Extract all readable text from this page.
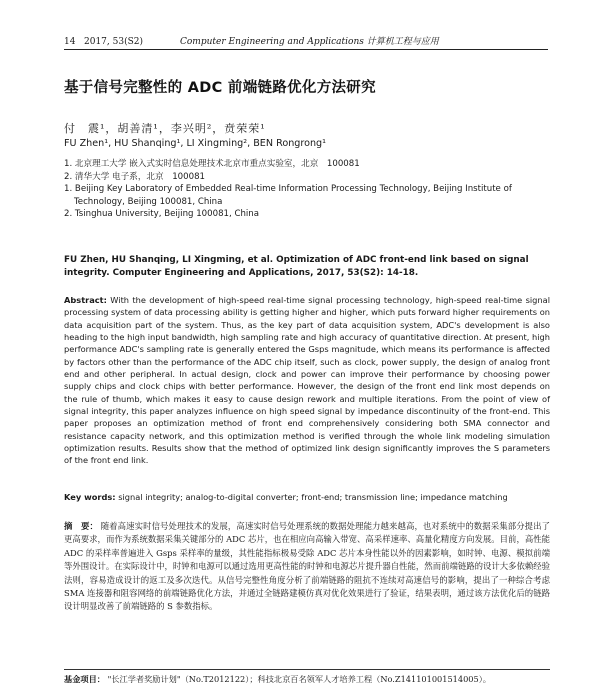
14 2017, 53(S2)	Computer Engineering and Applications 计算机工程与应用
基于信号完整性的 ADC 前端链路优化方法研究
付　震¹，胡善清¹，李兴明²，贲荣荣¹
FU Zhen¹, HU Shanqing¹, LI Xingming², BEN Rongrong¹
1. 北京理工大学 嵌入式实时信息处理技术北京市重点实验室，北京　100081
2. 清华大学 电子系，北京　100081
1. Beijing Key Laboratory of Embedded Real-time Information Processing Technology, Beijing Institute of
Technology, Beijing 100081, China
2. Tsinghua University, Beijing 100081, China
FU Zhen, HU Shanqing, LI Xingming, et al. Optimization of ADC front-end link based on signal integrity. Computer Engineering and Applications, 2017, 53(S2): 14-18.

Abstract: With the development of high-speed real-time signal processing technology, high-speed real-time signal processing system of data processing ability is getting higher and higher, which puts forward higher requirements on data acquisition part of the system. Thus, as the key part of data acquisition system, ADC's development is also heading to the high input bandwidth, high sampling rate and high accuracy of quantitative direction. At present, high performance ADC's sampling rate is generally entered the Gsps magnitude, which means its performance is affected by factors other than the performance of the ADC chip itself, such as clock, power supply, the design of analog front end and other peripheral. In actual design, clock and power can improve their performance by choosing power supply chips and clock chips with better performance. However, the design of the front end link most depends on the rule of thumb, which makes it easy to cause design rework and multiple iterations. From the point of view of signal integrity, this paper analyzes influence on high speed signal by impedance discontinuity of the front-end. This paper proposes an optimization method of front end comprehensively considering both SMA connector and resistance capacity network, and this optimization method is verified through the whole link modeling simulation optimization results. Results show that the method of optimized link design significantly improves the S parameters of the front end link.

Key words: signal integrity; analog-to-digital converter; front-end; transmission line; impedance matching

摘　要： 随着高速实时信号处理技术的发展，高速实时信号处理系统的数据处理能力越来越高，也对系统中的数据采集部分提出了更高要求，而作为系统数据采集关键部分的 ADC 芯片，也在相应向高输入带宽、高采样速率、高量化精度方向发展。目前，高性能 ADC 的采样率普遍进入 Gsps 采样率的量级，其性能指标极易受除 ADC 芯片本身性能以外的因素影响，如时钟、电源、模拟前端等外围设计。在实际设计中，时钟和电源可以通过选用更高性能的时钟和电源芯片提升器自性能，然而前端链路的设计大多依赖经验法则，容易造成设计的返工及多次迭代。从信号完整性角度分析了前端链路的阻抗不连续对高速信号的影响，提出了一种综合考虑 SMA 连接器和阻容网络的前端链路优化方法，并通过全链路建模仿真对优化效果进行了验证，结果表明，通过该方法优化后的链路设计明显改善了前端链路的 S 参数指标。

基金项目： "长江学者奖励计划"（No.T2012122）；科技北京百名领军人才培养工程（No.Z141101001514005）。
